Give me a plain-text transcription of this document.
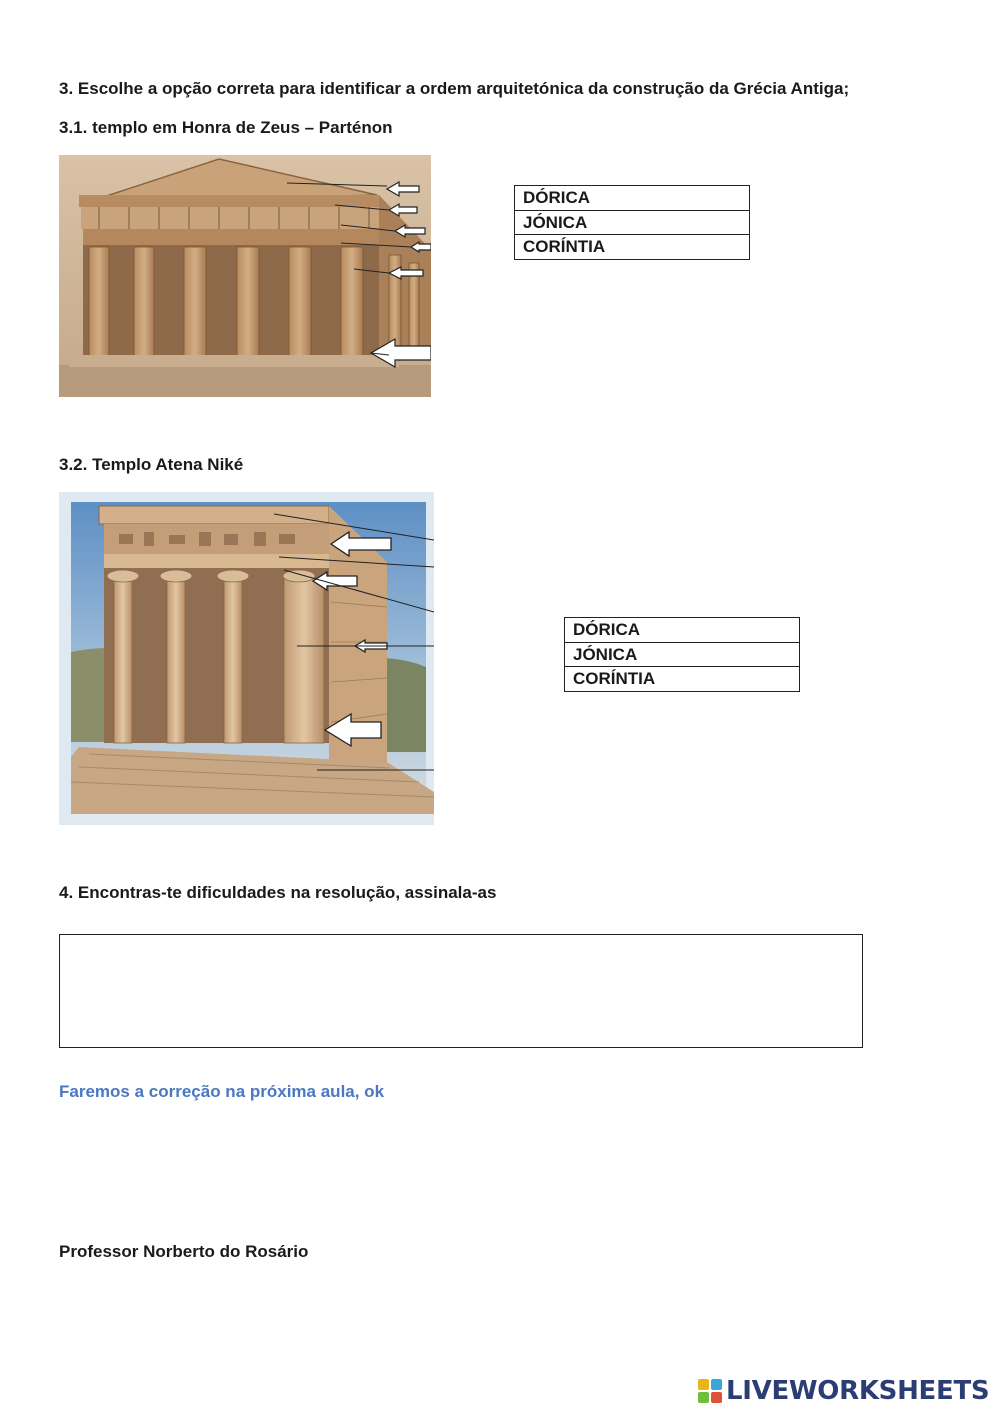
3. Escolhe a opção correta para identificar a ordem arquitetónica da construção da Grécia Antiga;
3.1. templo em Honra de Zeus – Parténon
DÓRICA
JÓNICA
CORÍNTIA
3.2. Templo Atena Niké
DÓRICA
JÓNICA
CORÍNTIA
4. Encontras-te dificuldades na resolução, assinala-as
Faremos a correção na próxima aula, ok
Professor Norberto do Rosário
LIVEWORKSHEETS
